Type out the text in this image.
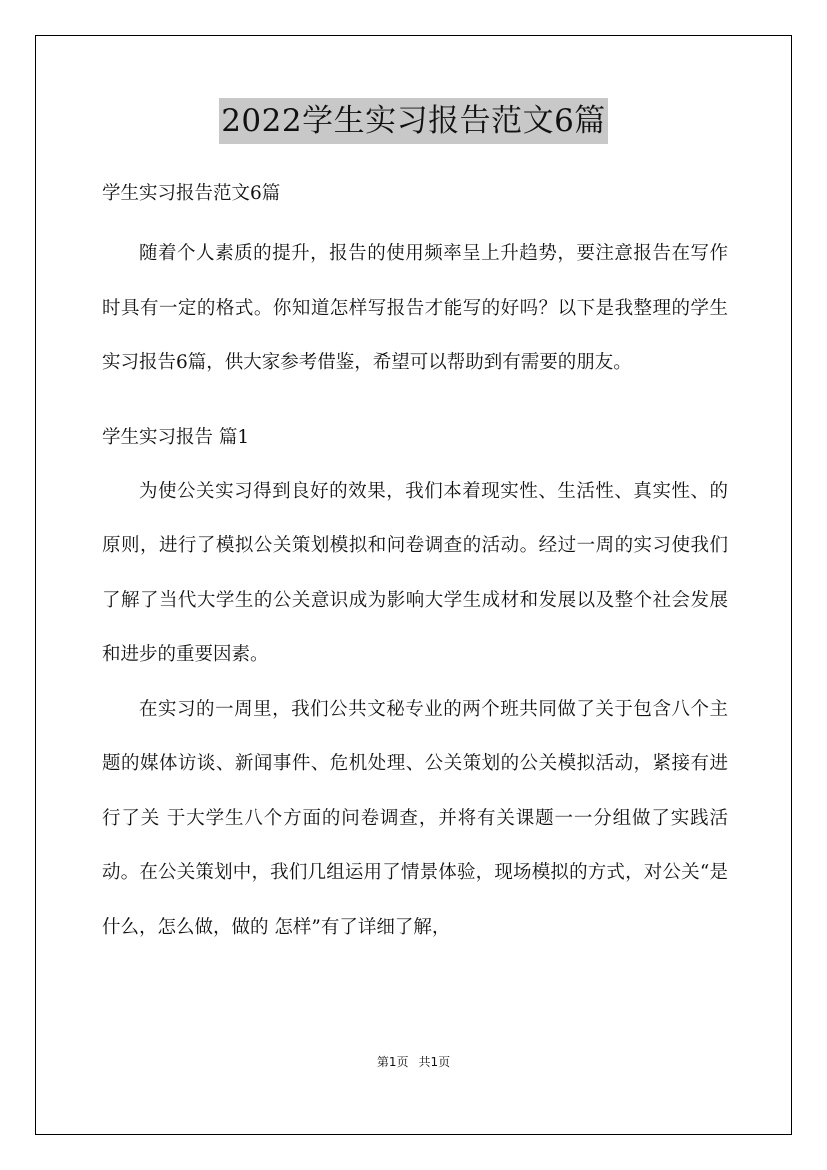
2022学生实习报告范文6篇
学生实习报告范文6篇

随着个人素质的提升，报告的使用频率呈上升趋势，要注意报告在写作时具有一定的格式。你知道怎样写报告才能写的好吗？以下是我整理的学生实习报告6篇，供大家参考借鉴，希望可以帮助到有需要的朋友。

学生实习报告 篇1

为使公关实习得到良好的效果，我们本着现实性、生活性、真实性、的原则，进行了模拟公关策划模拟和问卷调查的活动。经过一周的实习使我们了解了当代大学生的公关意识成为影响大学生成材和发展以及整个社会发展和进步的重要因素。

在实习的一周里，我们公共文秘专业的两个班共同做了关于包含八个主题的媒体访谈、新闻事件、危机处理、公关策划的公关模拟活动，紧接有进行了关 于大学生八个方面的问卷调查，并将有关课题一一分组做了实践活动。在公关策划中，我们几组运用了情景体验，现场模拟的方式，对公关“是什么，怎么做，做的 怎样”有了详细了解，

第1页 共1页
